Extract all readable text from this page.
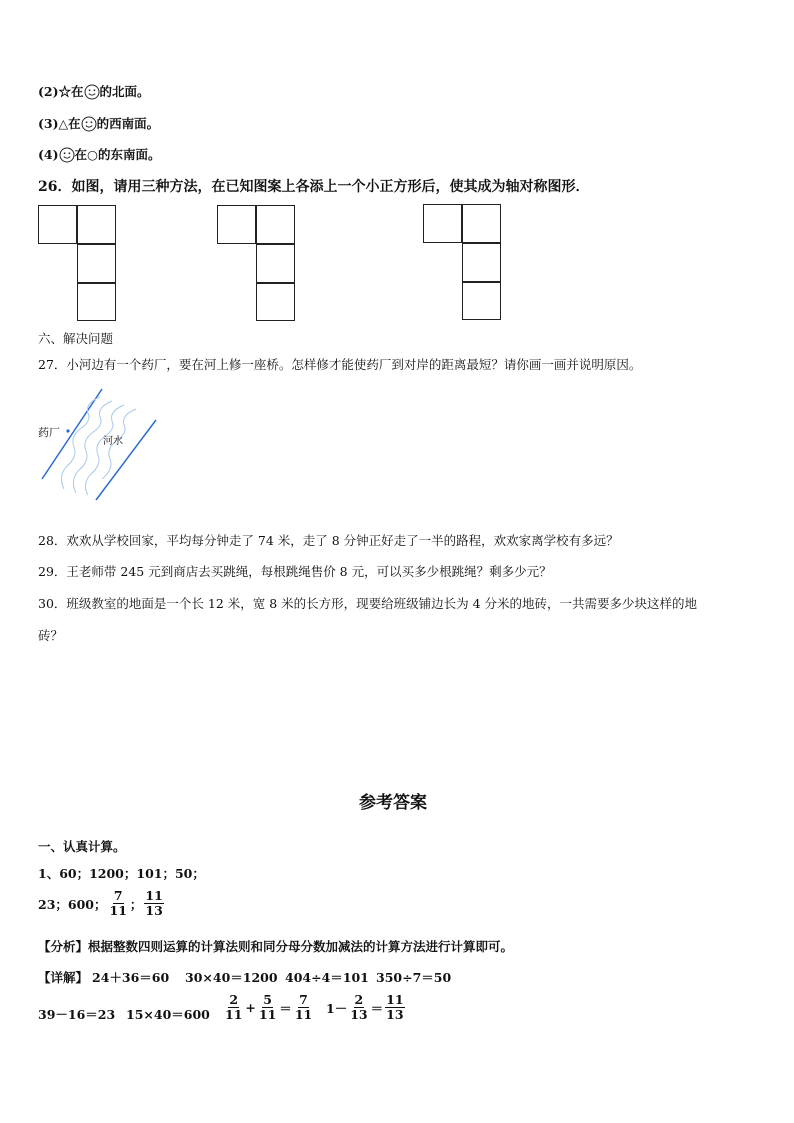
(2)☆在 的北面。
(3)△在 的西南面。
(4) 在○的东南面。
26．如图，请用三种方法，在已知图案上各添上一个小正方形后，使其成为轴对称图形．
六、解决问题
27．小河边有一个药厂，要在河上修一座桥。怎样修才能使药厂到对岸的距离最短？请你画一画并说明原因。
药厂
河水
28．欢欢从学校回家，平均每分钟走了 74 米，走了 8 分钟正好走了一半的路程，欢欢家离学校有多远？
29．王老师带 245 元到商店去买跳绳，每根跳绳售价 8 元，可以买多少根跳绳？剩多少元？
30．班级教室的地面是一个长 12 米，宽 8 米的长方形，现要给班级铺边长为 4 分米的地砖，一共需要多少块这样的地
砖？
参考答案
一、认真计算。
1、60；1200；101；50；
23；600； $\frac{7}{11}$ ； $\frac{11}{13}$
【分析】根据整数四则运算的计算法则和同分母分数加减法的计算方法进行计算即可。
【详解】 24＋36＝60 30×40＝1200 404÷4＝101 350÷7＝50
39－16＝23 $15\times 40=600 \frac{2}{11} + \frac{5}{11} = \frac{7}{11} 1- \frac{2}{13} = \frac{11}{13}$
